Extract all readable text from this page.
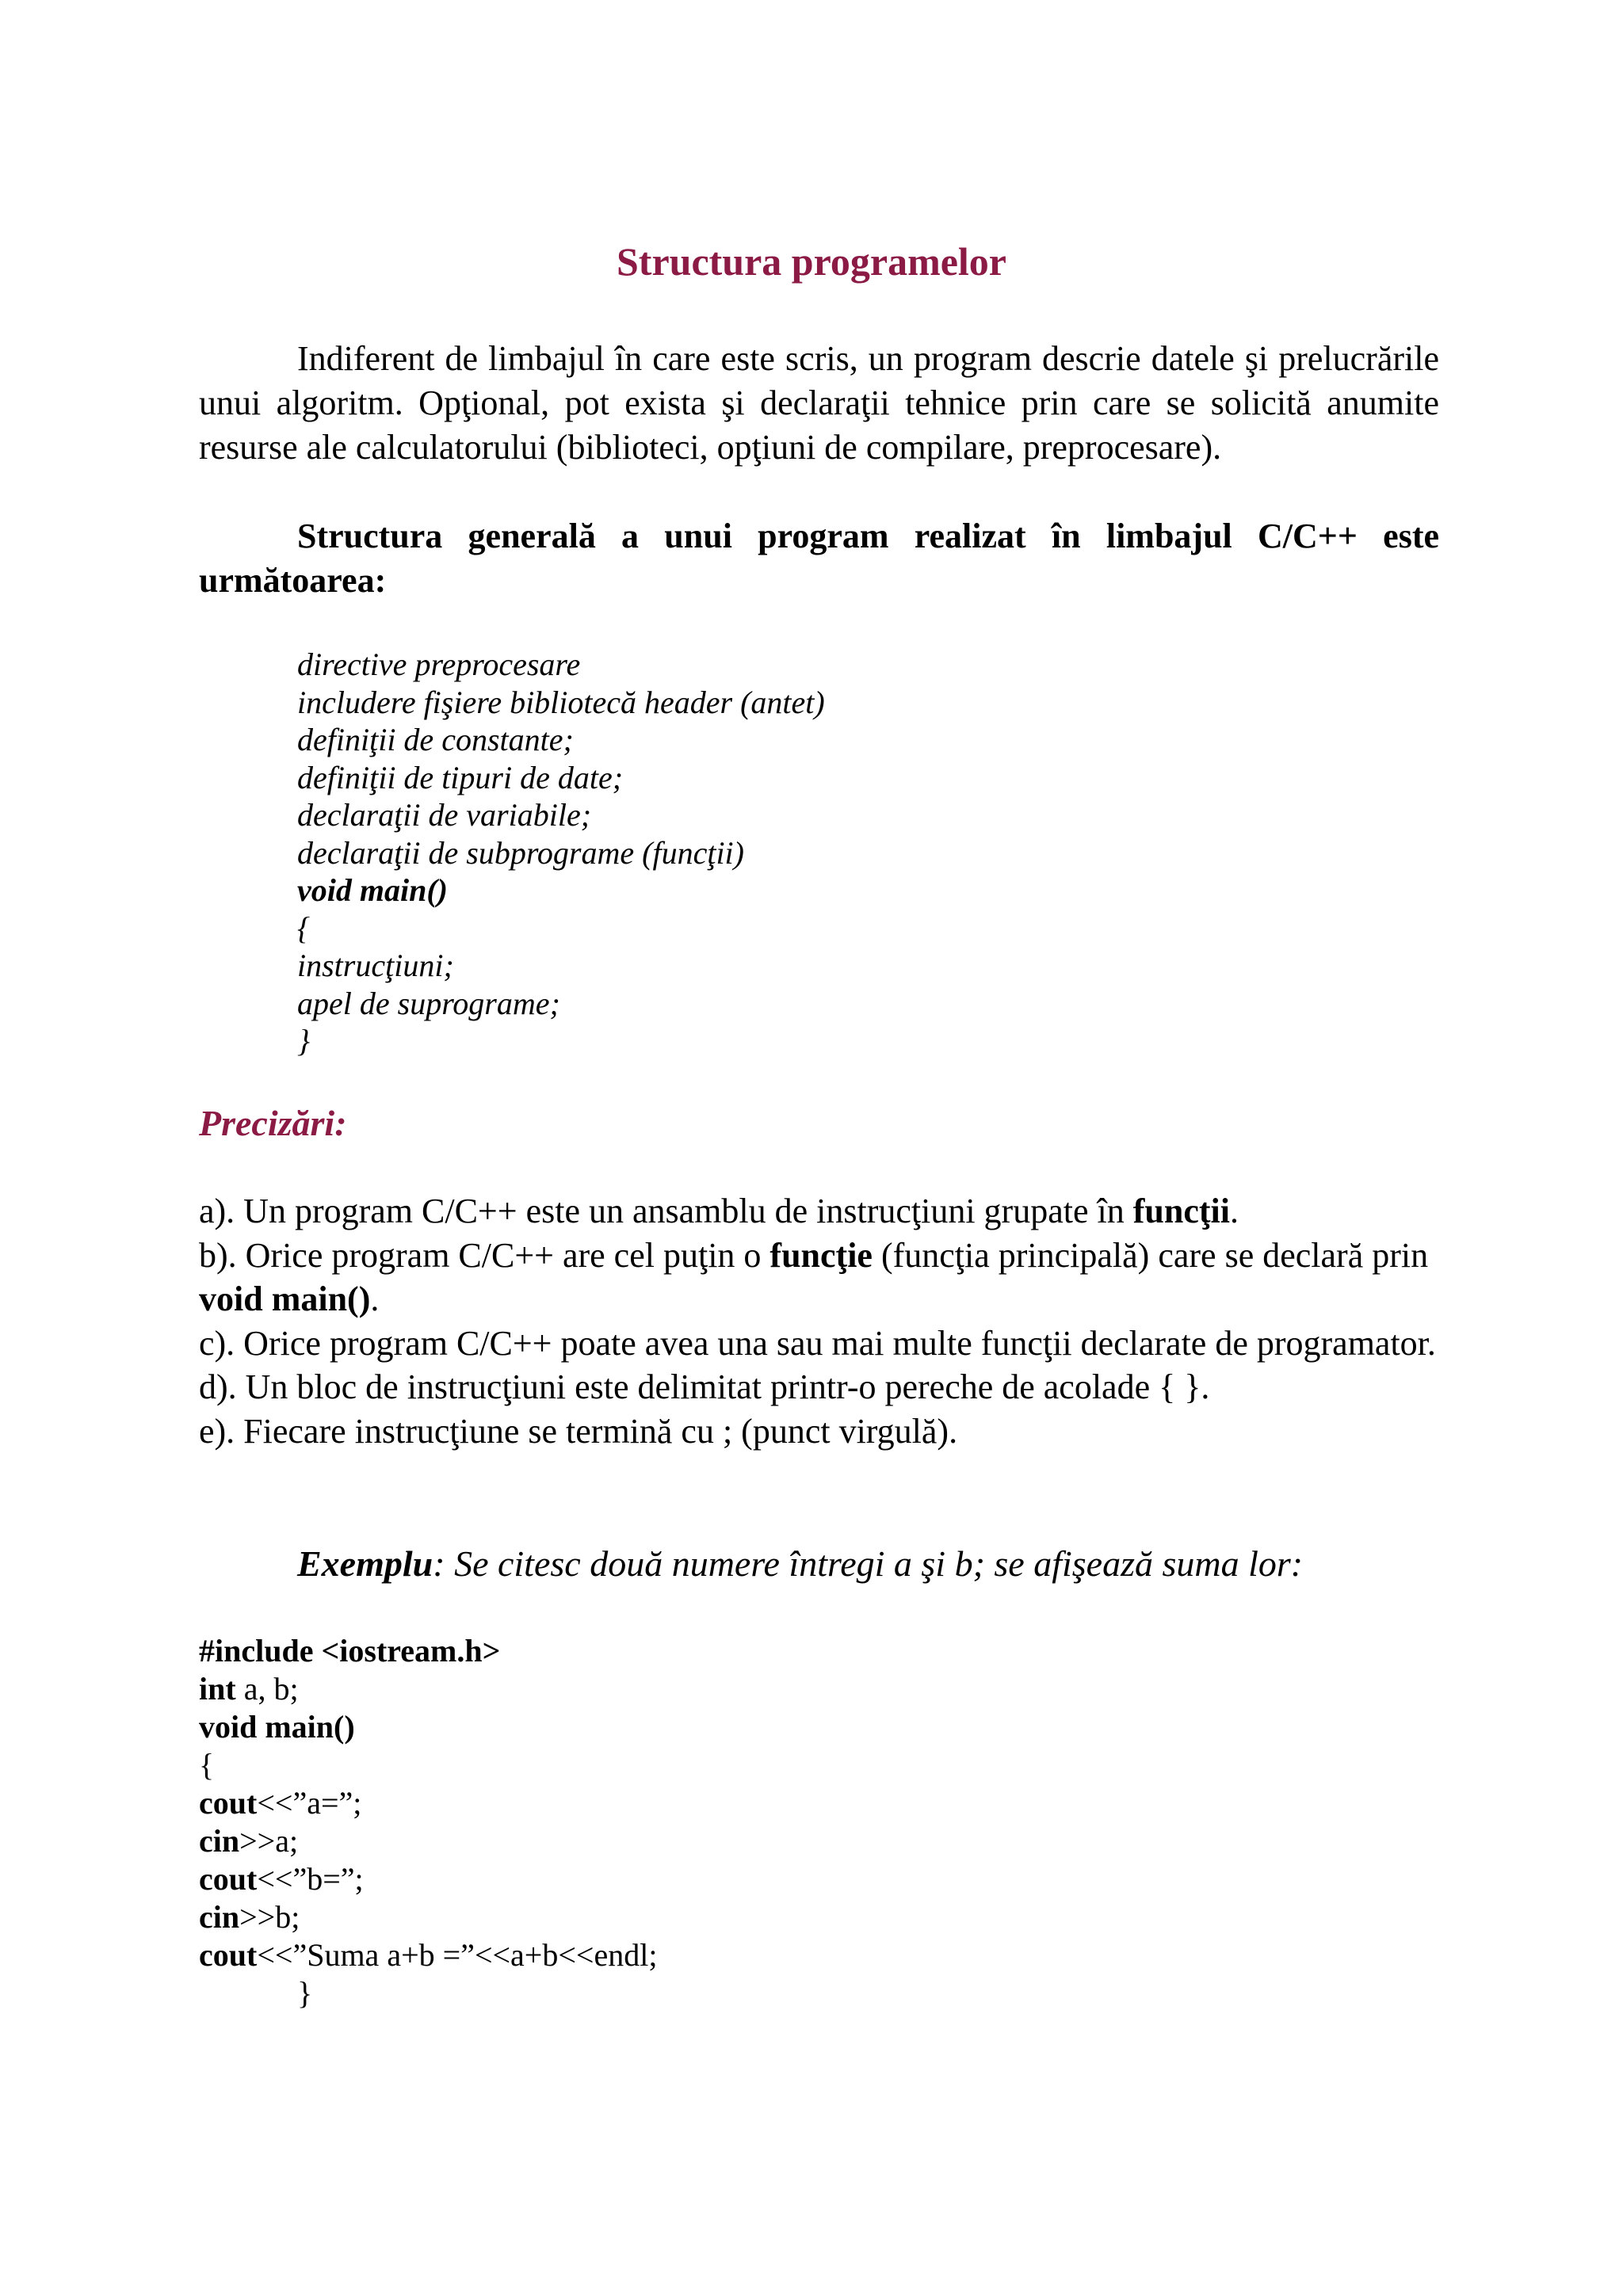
Structura programelor
Indiferent de limbajul în care este scris, un program descrie datele şi prelucrările unui algoritm. Opţional, pot exista şi declaraţii tehnice prin care se solicită anumite resurse ale calculatorului (biblioteci, opţiuni de compilare, preprocesare).
Structura generală a unui program realizat în limbajul C/C++ este următoarea:
directive preprocesare
includere fişiere bibliotecă header (antet)
definiţii de constante;
definiţii de tipuri de date;
declaraţii de variabile;
declaraţii de subprograme (funcţii)
void main()
{
instrucţiuni;
apel de suprograme;
}
Precizări:
a). Un program C/C++ este un ansamblu de instrucţiuni grupate în funcţii.
b). Orice program C/C++ are cel puţin o funcţie (funcţia principală) care se declară prin void main().
c). Orice program C/C++ poate avea una sau mai multe funcţii declarate de programator.
d). Un bloc de instrucţiuni este delimitat printr-o pereche de acolade { }.
e). Fiecare instrucţiune se termină cu ; (punct virgulă).
Exemplu: Se citesc două numere întregi a şi b; se afişează suma lor:
#include <iostream.h>
int a, b;
void main()
{
cout<<”a=”;
cin>>a;
cout<<”b=”;
cin>>b;
cout<<”Suma a+b =”<<a+b<<endl;
}
